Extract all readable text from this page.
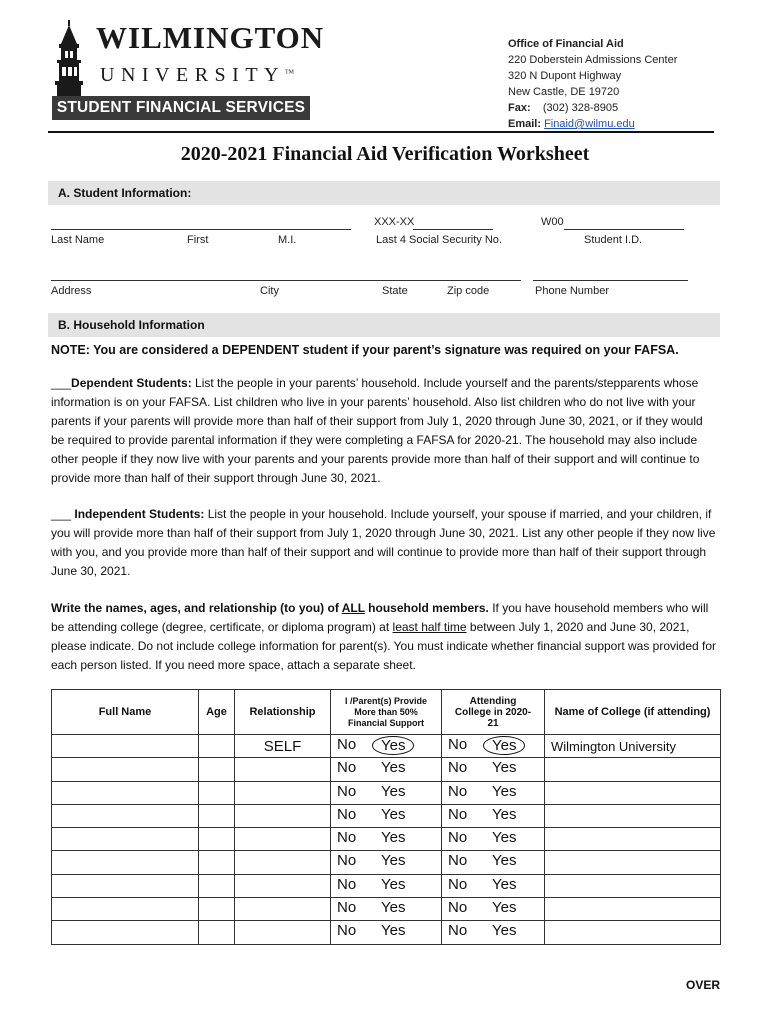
WILMINGTON
UNIVERSITY™
STUDENT FINANCIAL SERVICES
Office of Financial Aid
220 Doberstein Admissions Center
320 N Dupont Highway
New Castle, DE 19720
Fax: (302) 328-8905
Email: Finaid@wilmu.edu
2020-2021 Financial Aid Verification Worksheet
A. Student Information:
XXX-XX	W00
Last Name	First	M.I.	Last 4 Social Security No.	Student I.D.
Address	City	State	Zip code	Phone Number
B. Household Information
NOTE: You are considered a DEPENDENT student if your parent’s signature was required on your FAFSA.
___Dependent Students: List the people in your parents’ household. Include yourself and the parents/stepparents whose information is on your FAFSA. List children who live in your parents’ household. Also list children who do not live with your parents if your parents will provide more than half of their support from July 1, 2020 through June 30, 2021, or if they would be required to provide parental information if they were completing a FAFSA for 2020-21. The household may also include other people if they now live with your parents and your parents provide more than half of their support and will continue to provide more than half of their support through June 30, 2021.
___ Independent Students: List the people in your household. Include yourself, your spouse if married, and your children, if you will provide more than half of their support from July 1, 2020 through June 30, 2021. List any other people if they now live with you, and you provide more than half of their support and will continue to provide more than half of their support through June 30, 2021.
Write the names, ages, and relationship (to you) of ALL household members. If you have household members who will be attending college (degree, certificate, or diploma program) at least half time between July 1, 2020 and June 30, 2021, please indicate. Do not include college information for parent(s). You must indicate whether financial support was provided for each person listed. If you need more space, attach a separate sheet.
Full Name	Age	Relationship	I /Parent(s) Provide More than 50% Financial Support	Attending College in 2020-21	Name of College (if attending)
		SELF	No Yes	No Yes	Wilmington University

			No Yes	No Yes	

			No Yes	No Yes	

			No Yes	No Yes	

			No Yes	No Yes	

			No Yes	No Yes	

			No Yes	No Yes	

			No Yes	No Yes	

			No Yes	No Yes	

OVER
